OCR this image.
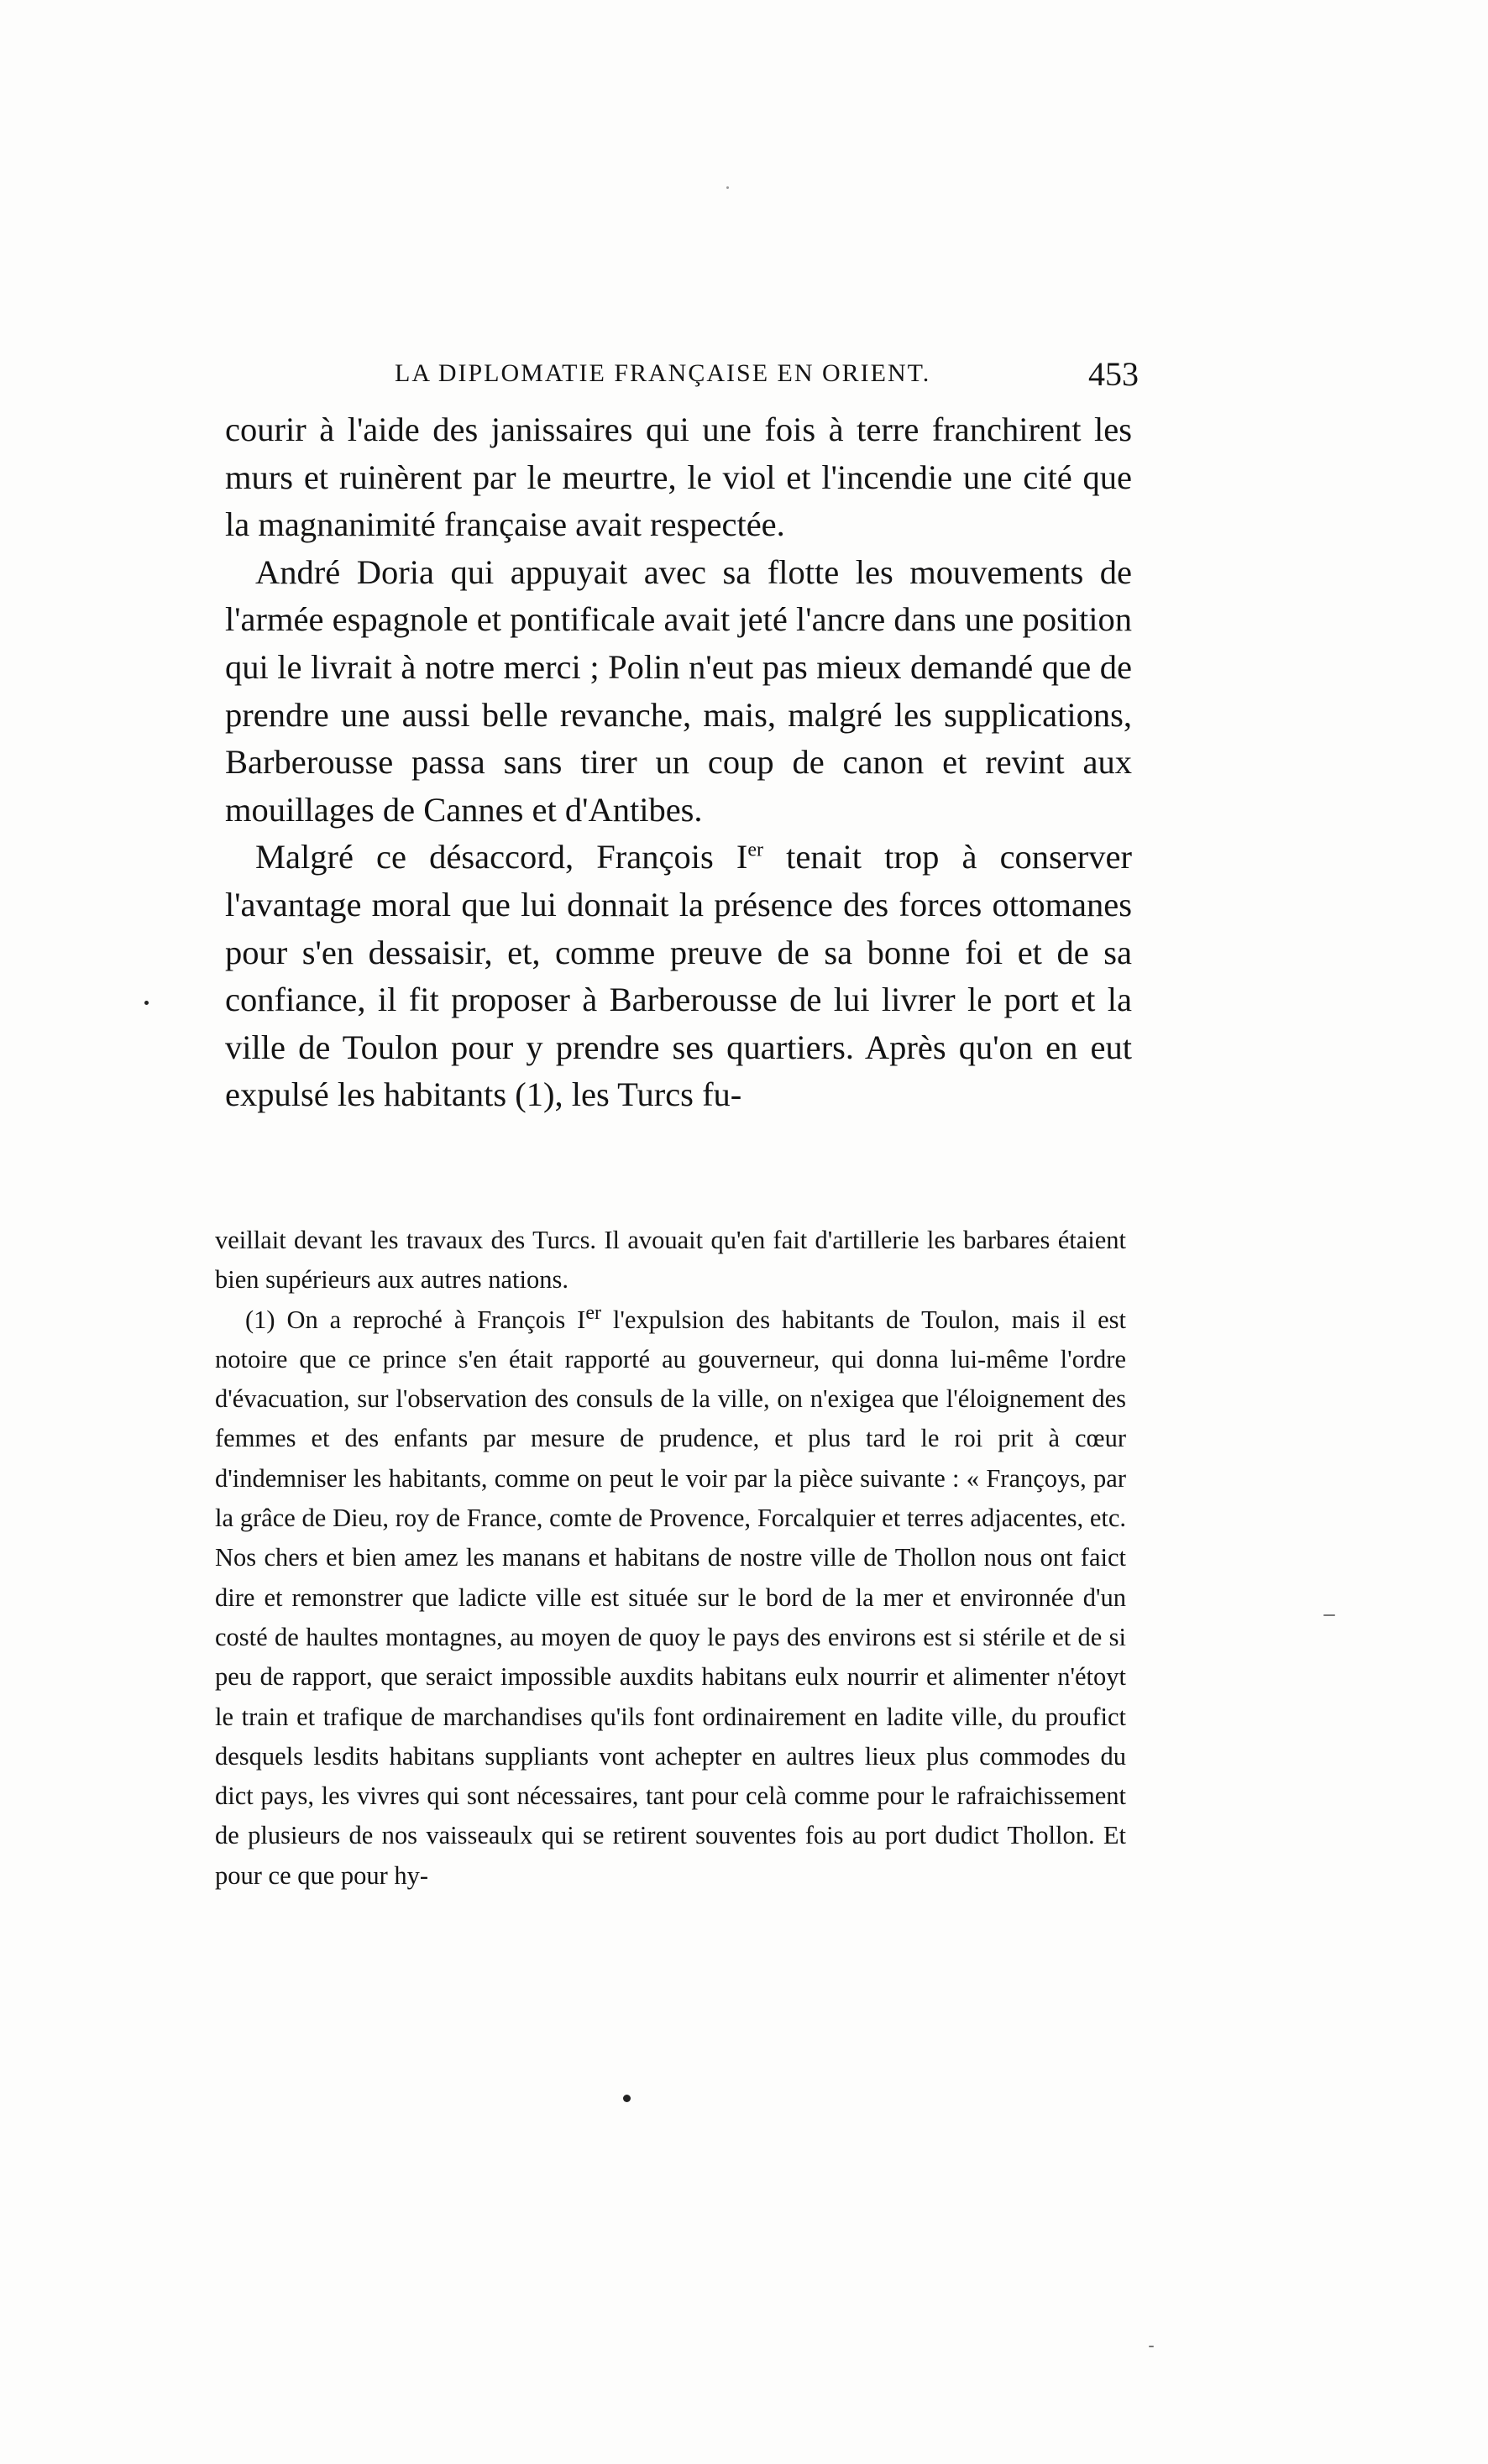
LA DIPLOMATIE FRANÇAISE EN ORIENT.	453

courir à l'aide des janissaires qui une fois à terre franchirent les murs et ruinèrent par le meurtre, le viol et l'incendie une cité que la magnanimité française avait respectée.

André Doria qui appuyait avec sa flotte les mouvements de l'armée espagnole et pontificale avait jeté l'ancre dans une position qui le livrait à notre merci ; Polin n'eut pas mieux demandé que de prendre une aussi belle revanche, mais, malgré les supplications, Barberousse passa sans tirer un coup de canon et revint aux mouillages de Cannes et d'Antibes.

Malgré ce désaccord, François Ier tenait trop à conserver l'avantage moral que lui donnait la présence des forces ottomanes pour s'en dessaisir, et, comme preuve de sa bonne foi et de sa confiance, il fit proposer à Barberousse de lui livrer le port et la ville de Toulon pour y prendre ses quartiers. Après qu'on en eut expulsé les habitants (1), les Turcs fu-

veillait devant les travaux des Turcs. Il avouait qu'en fait d'artillerie les barbares étaient bien supérieurs aux autres nations.

(1) On a reproché à François Ier l'expulsion des habitants de Toulon, mais il est notoire que ce prince s'en était rapporté au gouverneur, qui donna lui-même l'ordre d'évacuation, sur l'observation des consuls de la ville, on n'exigea que l'éloignement des femmes et des enfants par mesure de prudence, et plus tard le roi prit à cœur d'indemniser les habitants, comme on peut le voir par la pièce suivante : « Françoys, par la grâce de Dieu, roy de France, comte de Provence, Forcalquier et terres adjacentes, etc. Nos chers et bien amez les manans et habitans de nostre ville de Thollon nous ont faict dire et remonstrer que ladicte ville est située sur le bord de la mer et environnée d'un costé de haultes montagnes, au moyen de quoy le pays des environs est si stérile et de si peu de rapport, que seraict impossible auxdits habitans eulx nourrir et alimenter n'étoyt le train et trafique de marchandises qu'ils font ordinairement en ladite ville, du proufict desquels lesdits habitans suppliants vont achepter en aultres lieux plus commodes du dict pays, les vivres qui sont nécessaires, tant pour celà comme pour le rafraichissement de plusieurs de nos vaisseaulx qui se retirent souventes fois au port dudict Thollon. Et pour ce que pour hy-
